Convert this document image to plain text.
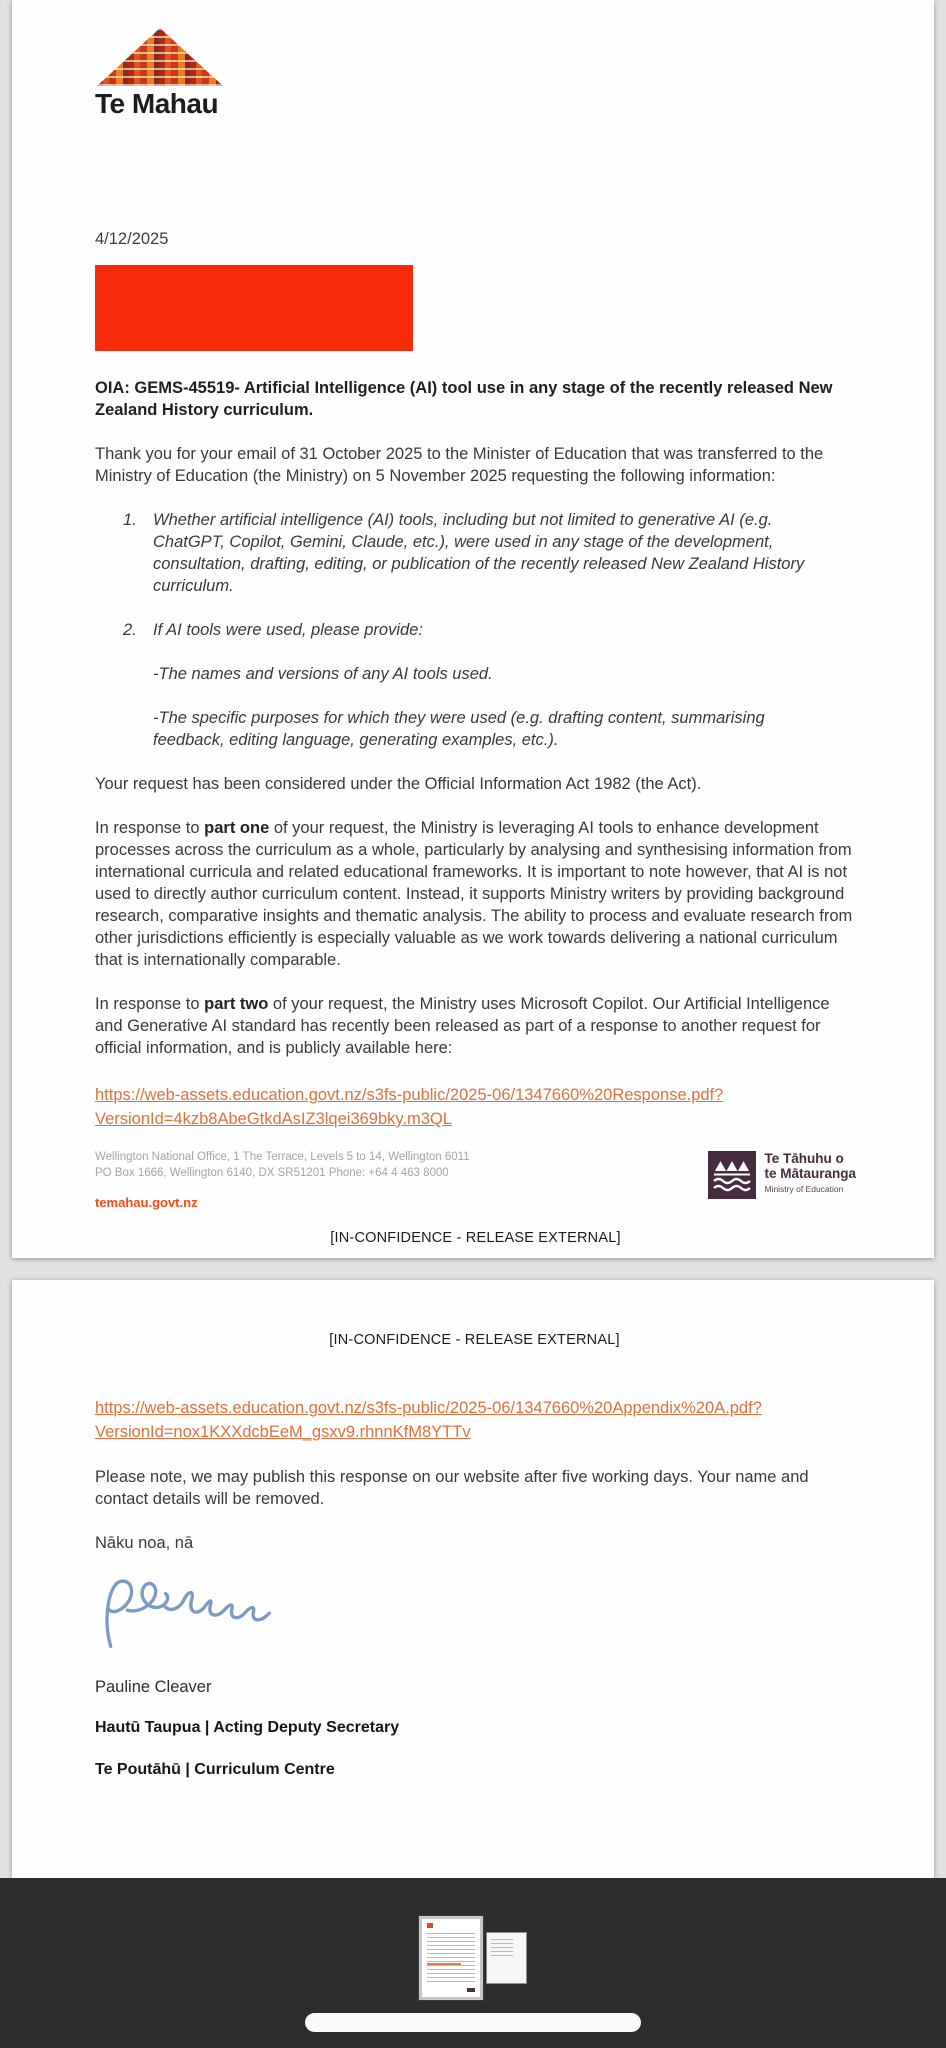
Te Mahau
4/12/2025
OIA: GEMS-45519- Artificial Intelligence (AI) tool use in any stage of the recently released New Zealand History curriculum.
Thank you for your email of 31 October 2025 to the Minister of Education that was transferred to the Ministry of Education (the Ministry) on 5 November 2025 requesting the following information:
1. Whether artificial intelligence (AI) tools, including but not limited to generative AI (e.g. ChatGPT, Copilot, Gemini, Claude, etc.), were used in any stage of the development, consultation, drafting, editing, or publication of the recently released New Zealand History curriculum.
2. If AI tools were used, please provide:
-The names and versions of any AI tools used.
-The specific purposes for which they were used (e.g. drafting content, summarising feedback, editing language, generating examples, etc.).
Your request has been considered under the Official Information Act 1982 (the Act).
In response to part one of your request, the Ministry is leveraging AI tools to enhance development processes across the curriculum as a whole, particularly by analysing and synthesising information from international curricula and related educational frameworks. It is important to note however, that AI is not used to directly author curriculum content. Instead, it supports Ministry writers by providing background research, comparative insights and thematic analysis. The ability to process and evaluate research from other jurisdictions efficiently is especially valuable as we work towards delivering a national curriculum that is internationally comparable.
In response to part two of your request, the Ministry uses Microsoft Copilot. Our Artificial Intelligence and Generative AI standard has recently been released as part of a response to another request for official information, and is publicly available here:
https://web-assets.education.govt.nz/s3fs-public/2025-06/1347660%20Response.pdf?VersionId=4kzb8AbeGtkdAsIZ3lqei369bky.m3QL
Wellington National Office, 1 The Terrace, Levels 5 to 14, Wellington 6011
PO Box 1666, Wellington 6140, DX SR51201 Phone: +64 4 463 8000
temahau.govt.nz
Te Tāhuhu o
te Mātauranga
Ministry of Education
[IN-CONFIDENCE - RELEASE EXTERNAL]
[IN-CONFIDENCE - RELEASE EXTERNAL]
https://web-assets.education.govt.nz/s3fs-public/2025-06/1347660%20Appendix%20A.pdf?VersionId=nox1KXXdcbEeM_gsxv9.rhnnKfM8YTTv
Please note, we may publish this response on our website after five working days. Your name and contact details will be removed.
Nāku noa, nā
Pauline Cleaver
Hautū Taupua | Acting Deputy Secretary
Te Poutāhū | Curriculum Centre
